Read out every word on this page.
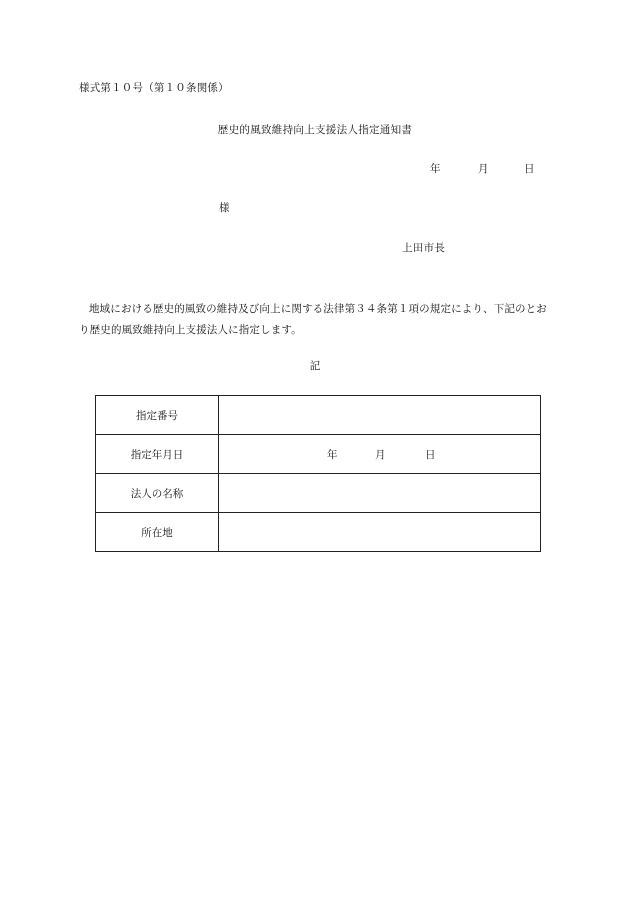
様式第１０号（第１０条関係）
歴史的風致維持向上支援法人指定通知書
年	月	日
様
上田市長
地域における歴史的風致の維持及び向上に関する法律第３４条第１項の規定により、下記のとおり歴史的風致維持向上支援法人に指定します。
記
指定番号	
指定年月日	年 月 日
法人の名称	
所在地	
